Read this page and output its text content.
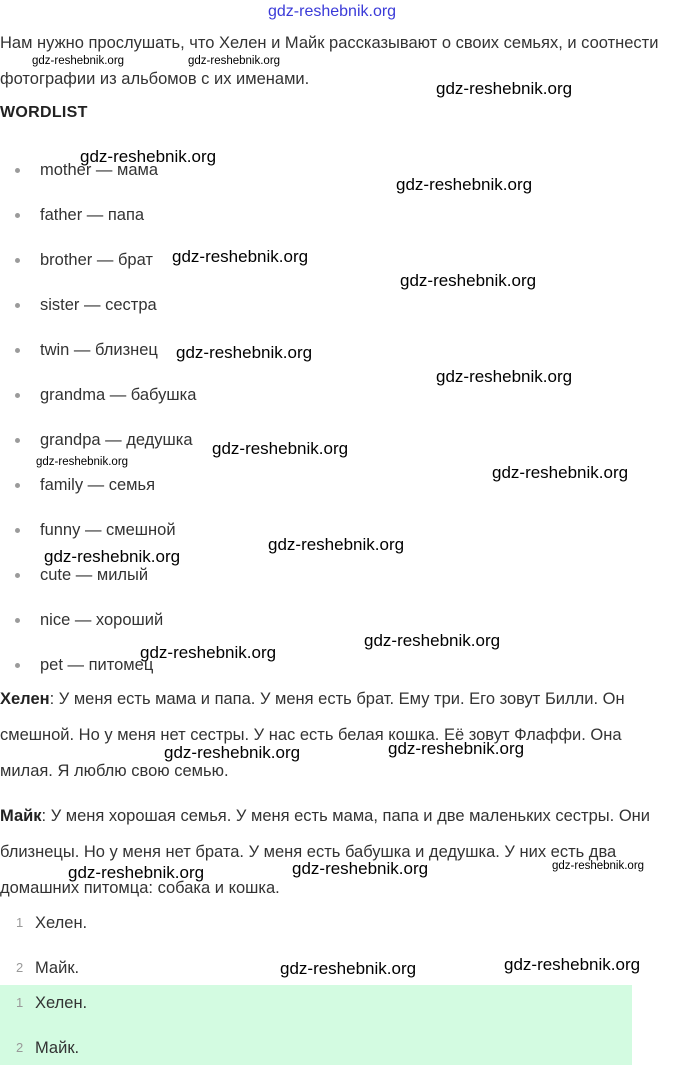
gdz-reshebnik.org
gdz-reshebnik.org	gdz-reshebnik.org
gdz-reshebnik.org
gdz-reshebnik.org
gdz-reshebnik.org
gdz-reshebnik.org
gdz-reshebnik.org
gdz-reshebnik.org
gdz-reshebnik.org
gdz-reshebnik.org
gdz-reshebnik.org
gdz-reshebnik.org
gdz-reshebnik.org
gdz-reshebnik.org
gdz-reshebnik.org
gdz-reshebnik.org
gdz-reshebnik.org
gdz-reshebnik.org
gdz-reshebnik.org	gdz-reshebnik.org	gdz-reshebnik.org
gdz-reshebnik.org	gdz-reshebnik.org
Нам нужно прослушать, что Хелен и Майк рассказывают о своих семьях, и соотнести фотографии из альбомов с их именами.
WORDLIST
mother — мама
father — папа
brother — брат
sister — сестра
twin — близнец
grandma — бабушка
grandpa — дедушка
family — семья
funny — смешной
cute — милый
nice — хороший
pet — питомец
Хелен: У меня есть мама и папа. У меня есть брат. Ему три. Его зовут Билли. Он смешной. Но у меня нет сестры. У нас есть белая кошка. Её зовут Флаффи. Она милая. Я люблю свою семью.
Майк: У меня хорошая семья. У меня есть мама, папа и две маленьких сестры. Они близнецы. Но у меня нет брата. У меня есть бабушка и дедушка. У них есть два домашних питомца: собака и кошка.
1 Хелен.
2 Майк.
1 Хелен.
2 Майк.
